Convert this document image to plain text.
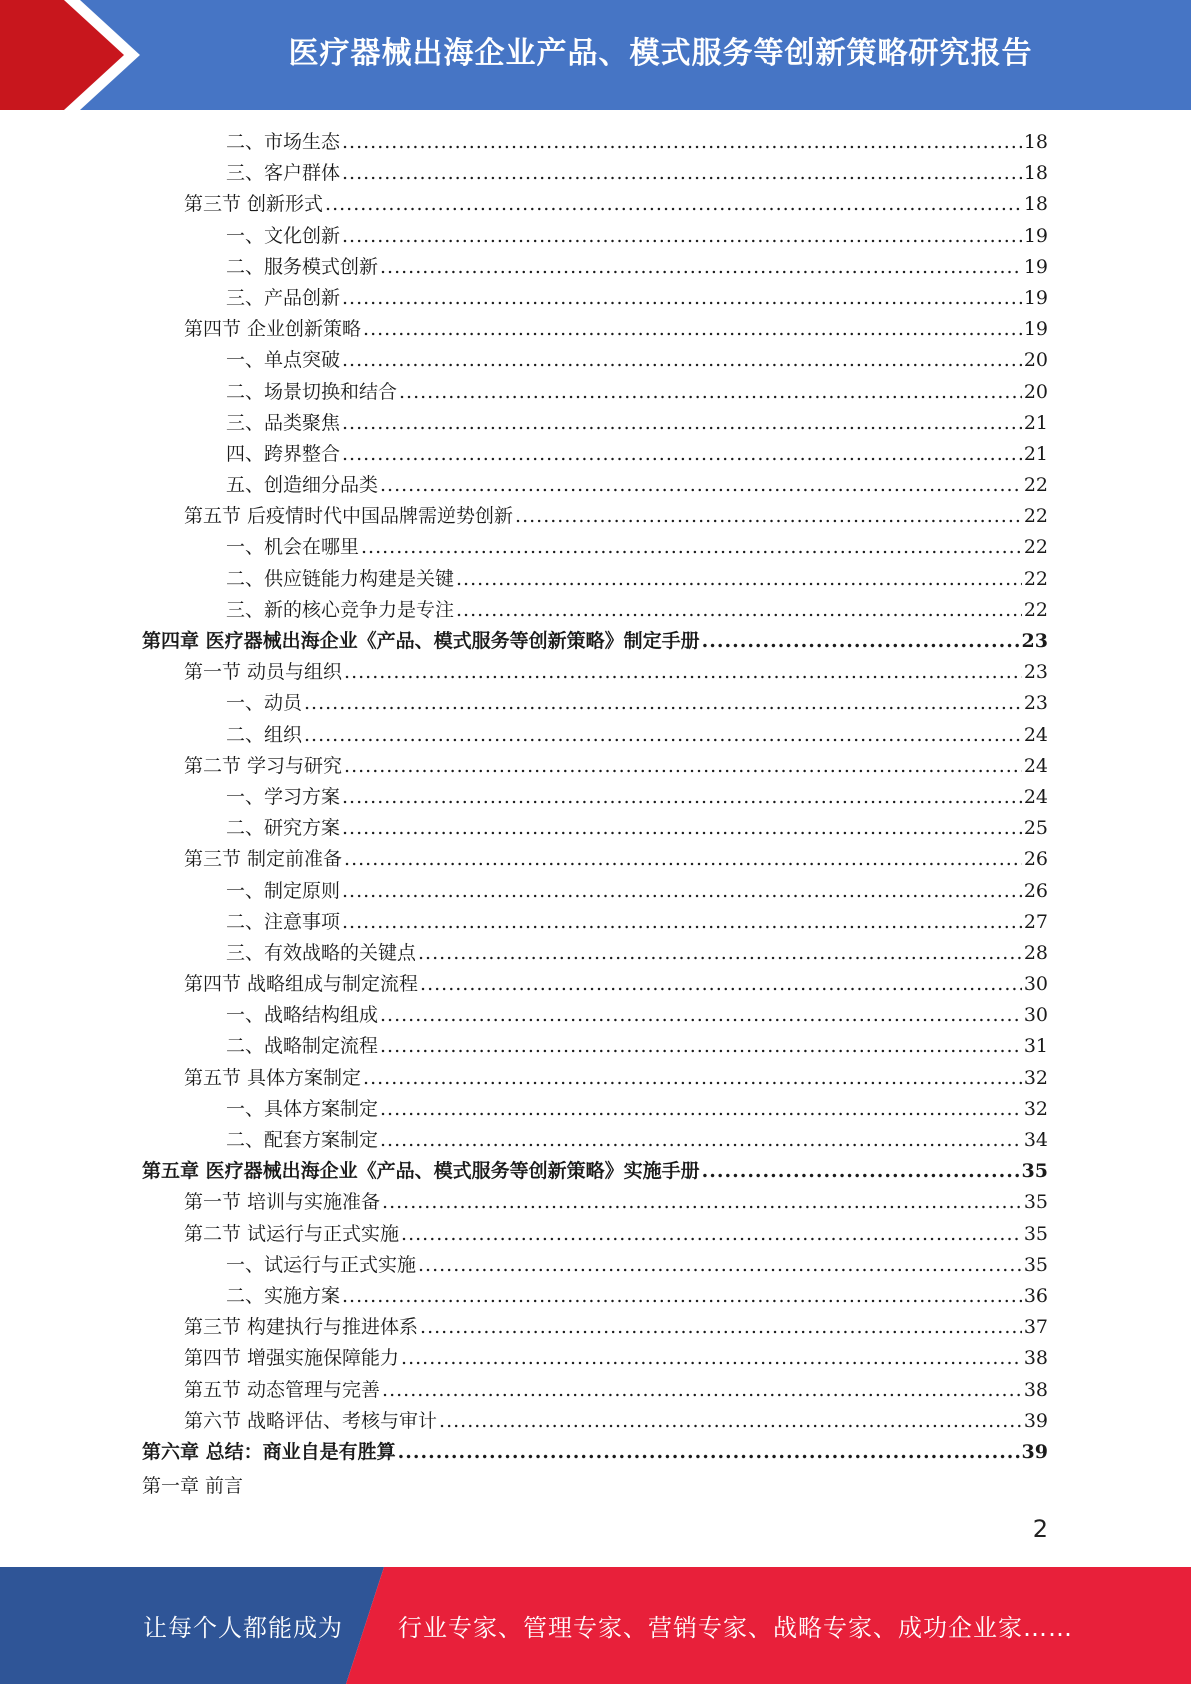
医疗器械出海企业产品、模式服务等创新策略研究报告
二、市场生态 .....	18
三、客户群体 .....	18
第三节 创新形式 .....	18
一、文化创新 .....	19
二、服务模式创新 .....	19
三、产品创新 .....	19
第四节 企业创新策略 .....	19
一、单点突破 .....	20
二、场景切换和结合 .....	20
三、品类聚焦 .....	21
四、跨界整合 .....	21
五、创造细分品类 .....	22
第五节 后疫情时代中国品牌需逆势创新 .....	22
一、机会在哪里 .....	22
二、供应链能力构建是关键 .....	22
三、新的核心竞争力是专注 .....	22
第四章 医疗器械出海企业《产品、模式服务等创新策略》制定手册 .....	23
第一节 动员与组织 .....	23
一、动员 .....	23
二、组织 .....	24
第二节 学习与研究 .....	24
一、学习方案 .....	24
二、研究方案 .....	25
第三节 制定前准备 .....	26
一、制定原则 .....	26
二、注意事项 .....	27
三、有效战略的关键点 .....	28
第四节 战略组成与制定流程 .....	30
一、战略结构组成 .....	30
二、战略制定流程 .....	31
第五节 具体方案制定 .....	32
一、具体方案制定 .....	32
二、配套方案制定 .....	34
第五章 医疗器械出海企业《产品、模式服务等创新策略》实施手册 .....	35
第一节 培训与实施准备 .....	35
第二节 试运行与正式实施 .....	35
一、试运行与正式实施 .....	35
二、实施方案 .....	36
第三节 构建执行与推进体系 .....	37
第四节 增强实施保障能力 .....	38
第五节 动态管理与完善 .....	38
第六节 战略评估、考核与审计 .....	39
第六章 总结：商业自是有胜算 .....	39
第一章 前言
2
让每个人都能成为 行业专家、管理专家、营销专家、战略专家、成功企业家……
